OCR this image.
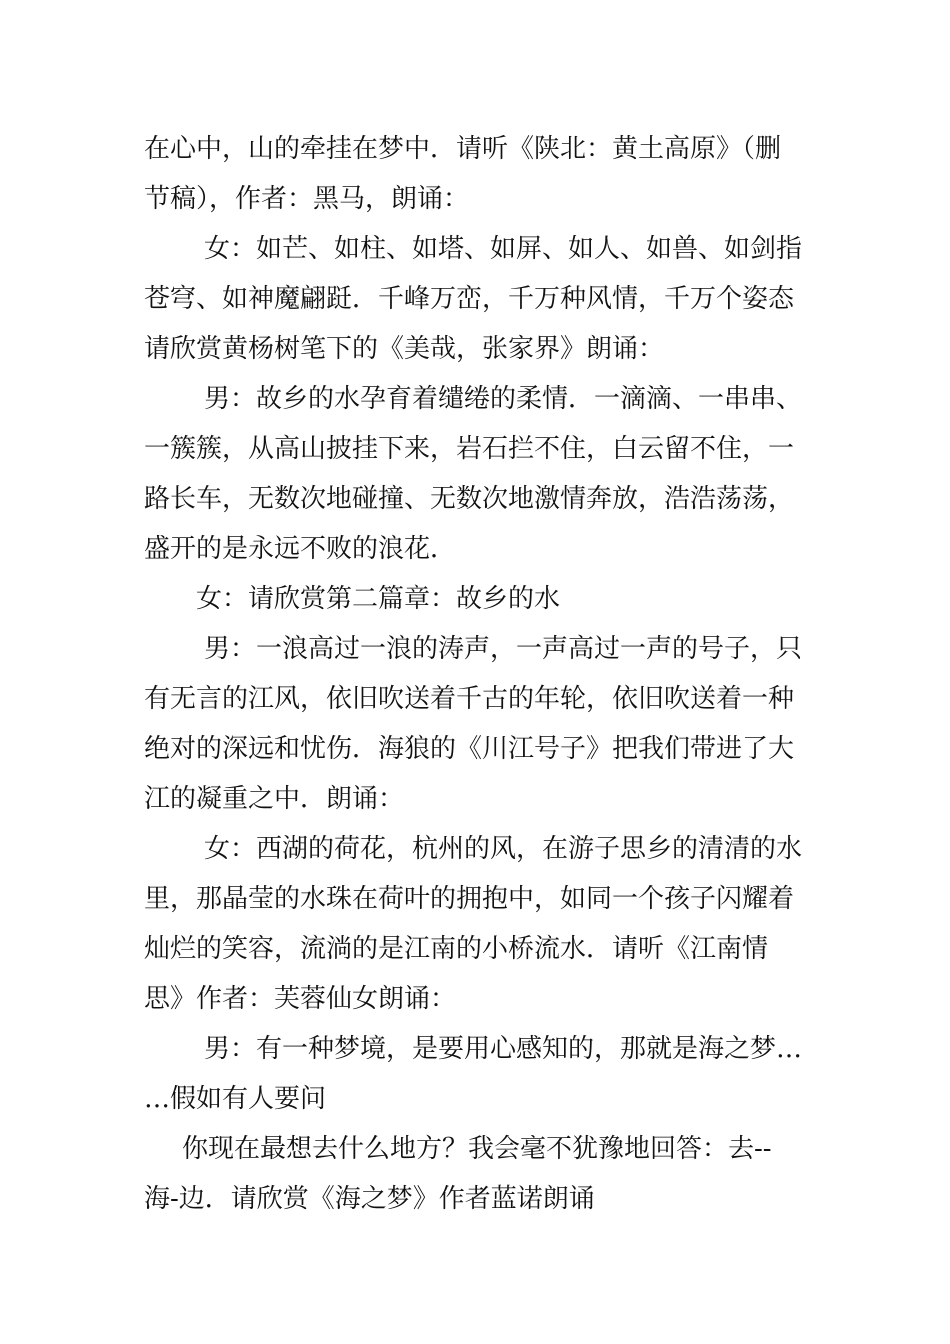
在心中，山的牵挂在梦中．请听《陕北：黄土高原》（删
节稿），作者：黑马，朗诵：
女：如芒、如柱、如塔、如屏、如人、如兽、如剑指
苍穹、如神魔翩跹．千峰万峦，千万种风情，千万个姿态
请欣赏黄杨树笔下的《美哉，张家界》朗诵：
男：故乡的水孕育着缱绻的柔情．一滴滴、一串串、
一簇簇，从高山披挂下来，岩石拦不住，白云留不住，一
路长车，无数次地碰撞、无数次地激情奔放，浩浩荡荡，
盛开的是永远不败的浪花．
女：请欣赏第二篇章：故乡的水
男：一浪高过一浪的涛声，一声高过一声的号子，只
有无言的江风，依旧吹送着千古的年轮，依旧吹送着一种
绝对的深远和忧伤．海狼的《川江号子》把我们带进了大
江的凝重之中．朗诵：
女：西湖的荷花，杭州的风，在游子思乡的清清的水
里，那晶莹的水珠在荷叶的拥抱中，如同一个孩子闪耀着
灿烂的笑容，流淌的是江南的小桥流水．请听《江南情
思》作者：芙蓉仙女朗诵：
男：有一种梦境，是要用心感知的，那就是海之梦…
…假如有人要问
你现在最想去什么地方？我会毫不犹豫地回答：去--
海-边．请欣赏《海之梦》作者蓝诺朗诵
